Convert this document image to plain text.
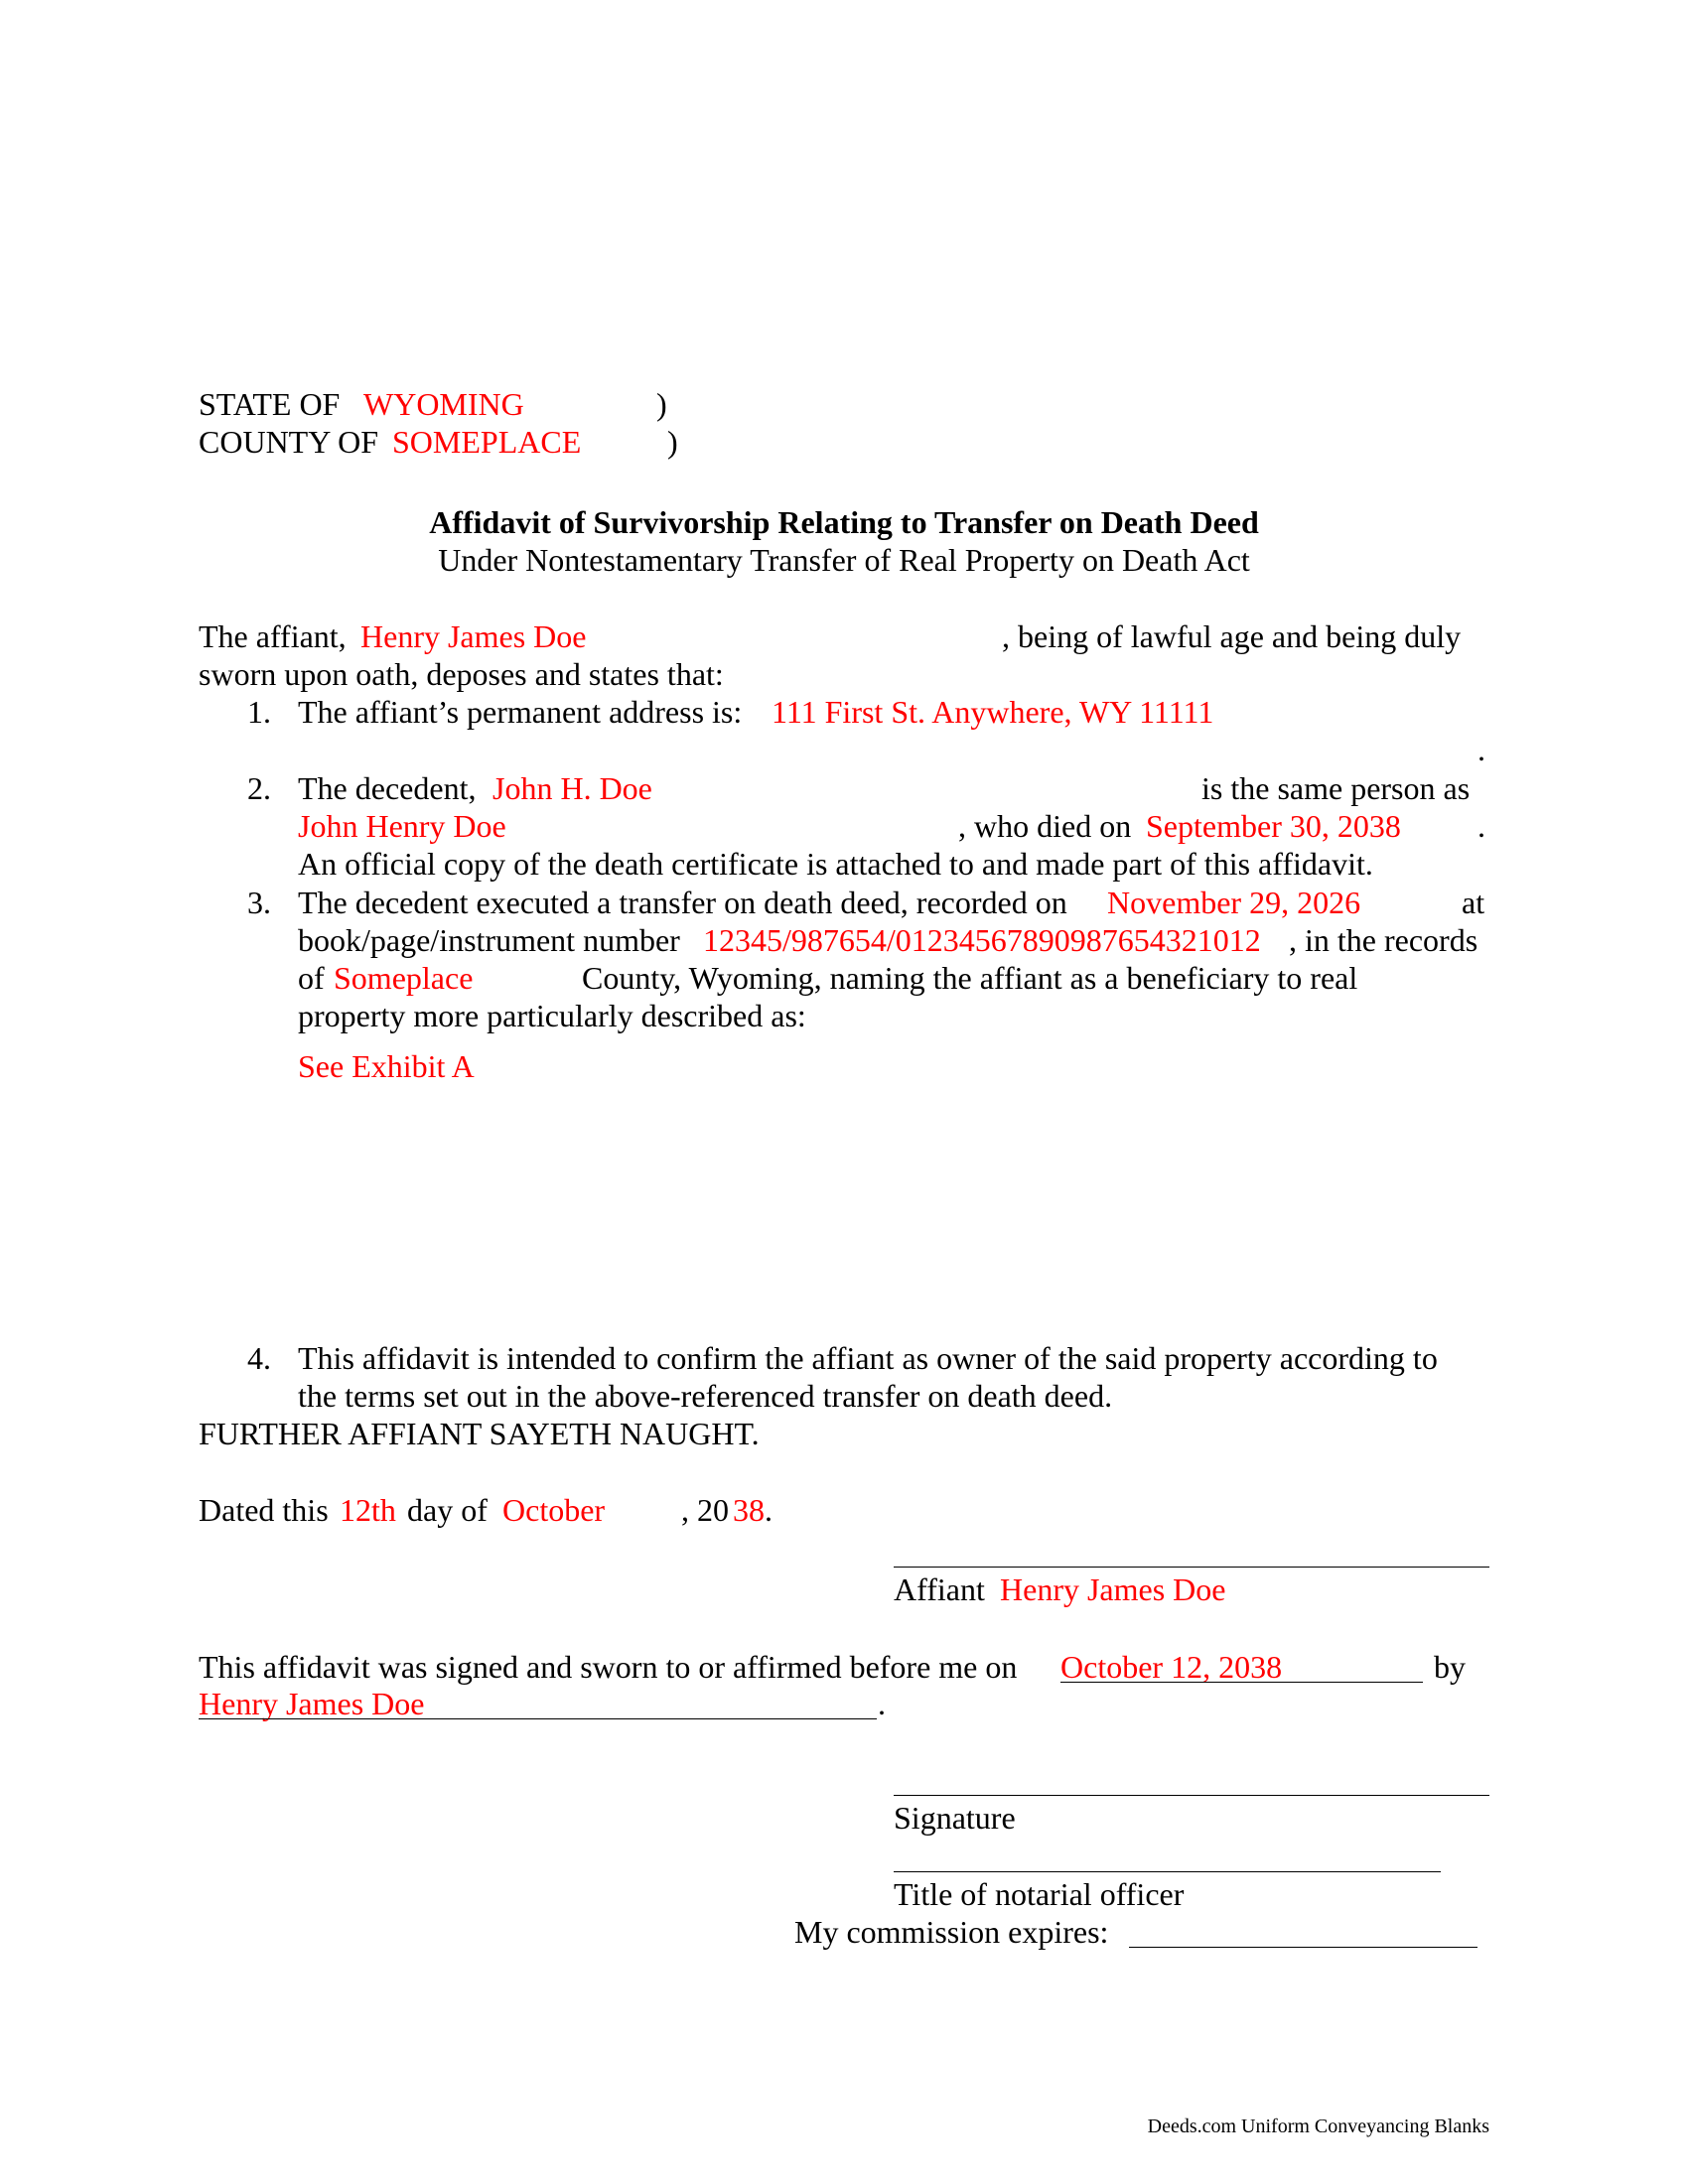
STATE OF WYOMING	)
COUNTY OF SOMEPLACE	)
Affidavit of Survivorship Relating to Transfer on Death Deed
Under Nontestamentary Transfer of Real Property on Death Act
The affiant, Henry James Doe	, being of lawful age and being duly
sworn upon oath, deposes and states that:
1. The affiant’s permanent address is: 111 First St. Anywhere, WY 11111
.
2. The decedent, John H. Doe	is the same person as
John Henry Doe	, who died on September 30, 2038 .
An official copy of the death certificate is attached to and made part of this affidavit.
3. The decedent executed a transfer on death deed, recorded on November 29, 2026	at
book/page/instrument number 12345/987654/01234567890987654321012 , in the records
of Someplace	County, Wyoming, naming the affiant as a beneficiary to real
property more particularly described as:
See Exhibit A
4. This affidavit is intended to confirm the affiant as owner of the said property according to
the terms set out in the above-referenced transfer on death deed.
FURTHER AFFIANT SAYETH NAUGHT.
Dated this 12th day of October , 20 38 .
Affiant Henry James Doe
This affidavit was signed and sworn to or affirmed before me on October 12, 2038	by
Henry James Doe	.
Signature
Title of notarial officer
My commission expires:
Deeds.com Uniform Conveyancing Blanks
